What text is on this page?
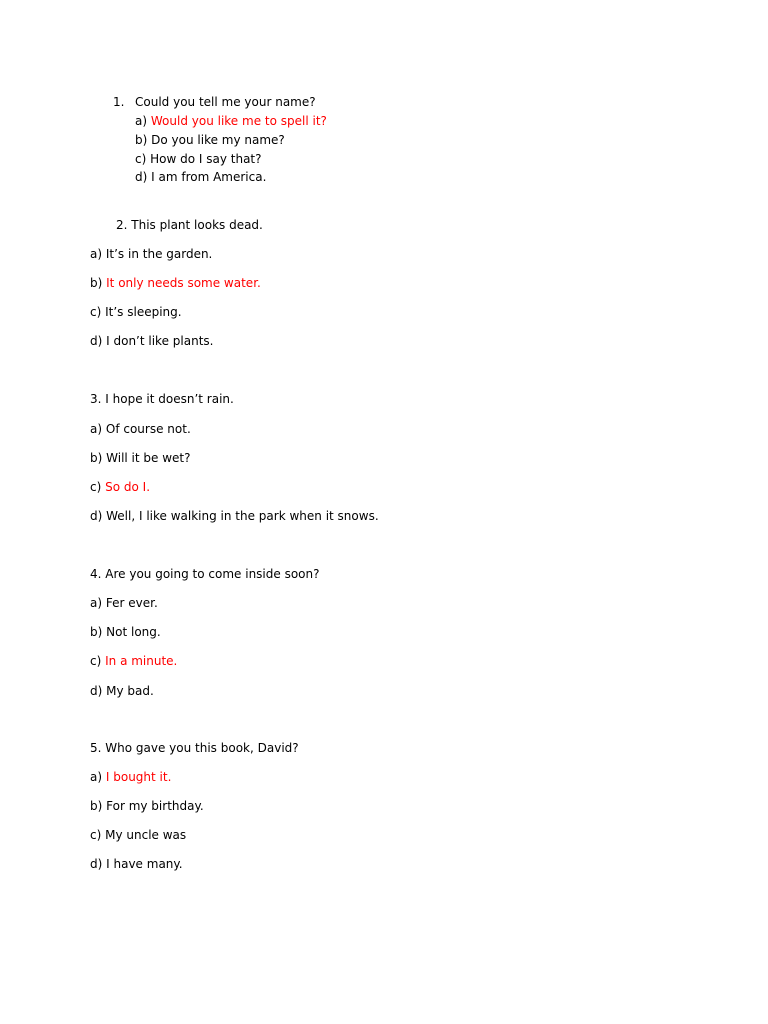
1. Could you tell me your name?
a) Would you like me to spell it?
b) Do you like my name?
c) How do I say that?
d) I am from America.
2. This plant looks dead.
a) It’s in the garden.
b) It only needs some water.
c) It’s sleeping.
d) I don’t like plants.
3. I hope it doesn’t rain.
a) Of course not.
b) Will it be wet?
c) So do I.
d) Well, I like walking in the park when it snows.
4. Are you going to come inside soon?
a) Fer ever.
b) Not long.
c) In a minute.
d) My bad.
5. Who gave you this book, David?
a) I bought it.
b) For my birthday.
c) My uncle was
d) I have many.
